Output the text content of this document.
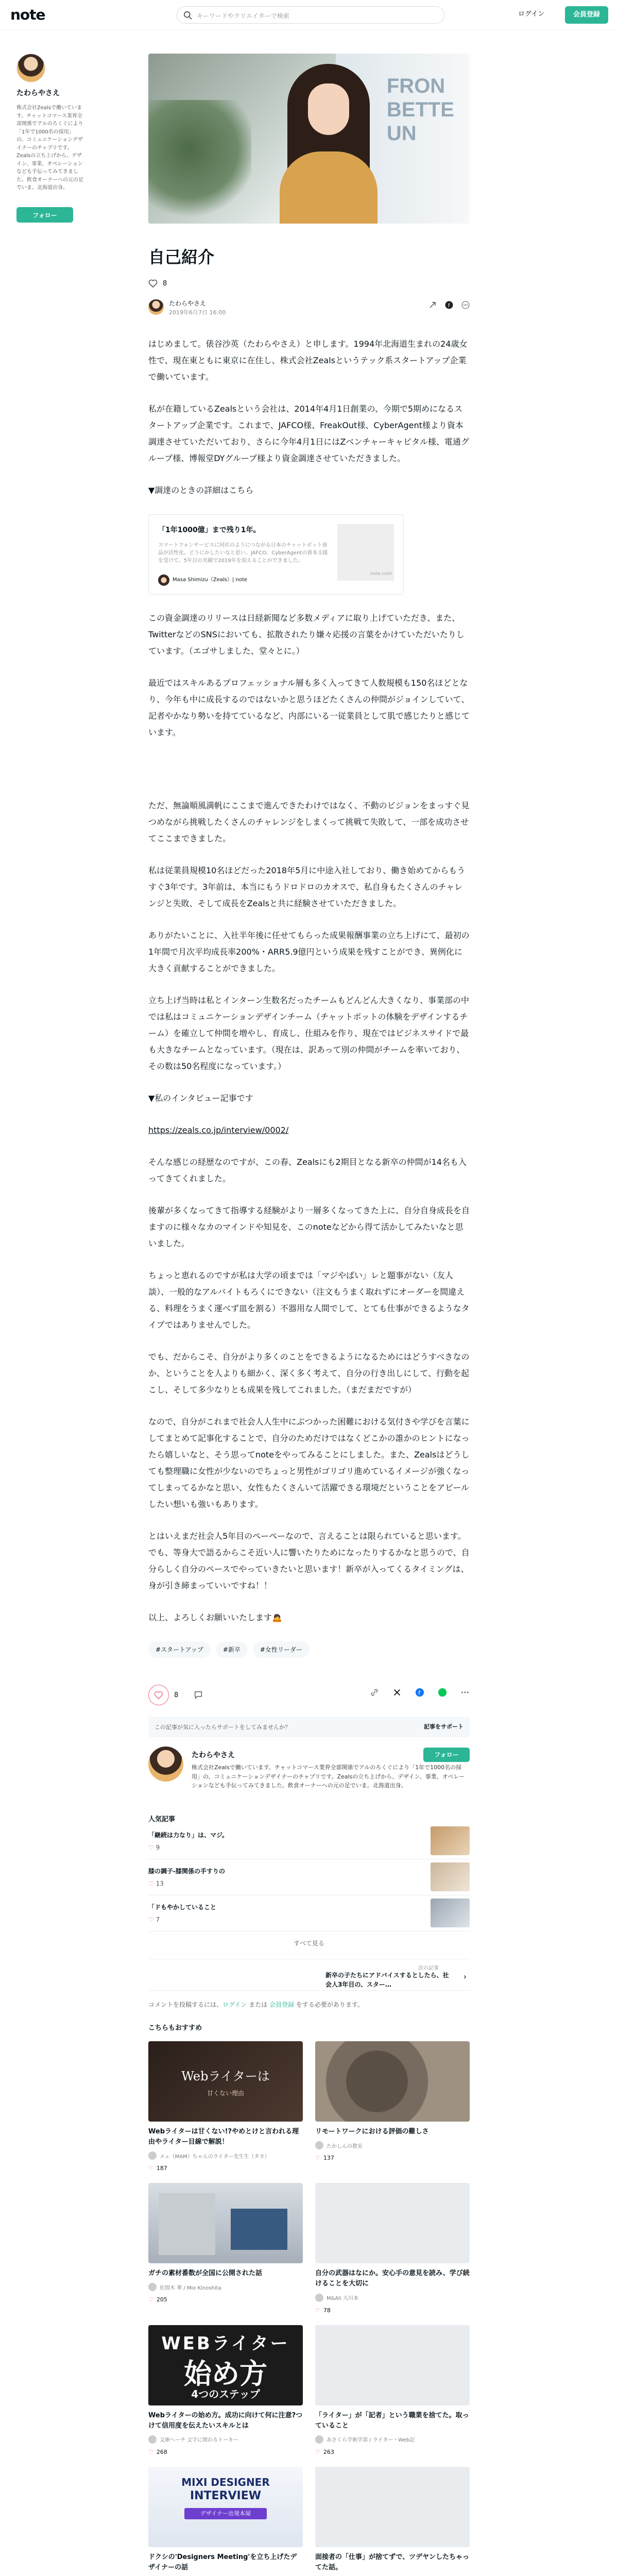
note	キーワードやクリエイターで検索	ログイン	会員登録
たわらやさえ
株式会社Zealsで働いています。チャットコマース業界全部関係でアルのろくぐにより「1年で1000名の採用」の、コミュニケーションデザイナーのチャブリです。Zealsの立ち上げから、デザイン、事業、オペレーションなども手伝ってみてきました。飲食オーナーへの元の足でいま。北海道出身。
フォロー
FRON
BETTE
UN
自己紹介
8
たわらやさえ
2019年6月7日 16:00
f

はじめまして。俵谷沙英（たわらやさえ）と申します。1994年北海道生まれの24歳女性で、現在東ともに東京に在住し、株式会社Zealsというテック系スタートアップ企業で働いています。

私が在籍しているZealsという会社は、2014年4月1日創業の、今期で5期めになるスタートアップ企業です。これまで、JAFCO様、FreakOut様、CyberAgent様より資本調達させていただいており、さらに今年4月1日にはZベンチャーキャピタル様、電通グループ様、博報堂DYグループ様より資金調達させていただきました。

▼調達のときの詳細はこちら

「1年1000億」まで残り1年。
スマートフォンサービスに同社のようにつながる日本のチャットボット商品が活性化。どうにかしたいなと思い。JAFCO、CyberAgentの資本支援を受けて、5年目の実績で2019年を迎えることができました。
Masa Shimizu（Zeals）| note
note.com

この資金調達のリリースは日経新聞など多数メディアに取り上げていただき、また、TwitterなどのSNSにおいても、拡散されたり嫌々応援の言葉をかけていただいたりしています。（エゴサしました、堂々とに。）

最近ではスキルあるプロフェッショナル層も多く入ってきて人数規模も150名ほどとなり、今年も中に成長するのではないかと思うほどたくさんの仲間がジョインしていて、記者やかなり勢いを持てているなど、内部にいる一従業員として肌で感じたりと感じています。

ただ、無論順風満帆にここまで進んできたわけではなく、不動のビジョンをまっすぐ見つめながら挑戦したくさんのチャレンジをしまくって挑戦て失敗して、一部を成功させてここまできました。

私は従業員規模10名ほどだった2018年5月に中途入社しており、働き始めてからもうすぐ3年です。3年前は、本当にもうドロドロのカオスで、私自身もたくさんのチャレンジと失敗、そして成長をZealsと共に経験させていただきました。

ありがたいことに、入社半年後に任せてもらった成果報酬事業の立ち上げにて、最初の1年間で月次平均成長率200%・ARR5.9億円という成果を残すことができ、異例化に大きく貢献することができました。

立ち上げ当時は私とインターン生数名だったチームもどんどん大きくなり、事業部の中では私はコミュニケーションデザインチーム（チャットボットの体験をデザインするチーム）を確立して仲間を増やし、育成し、仕組みを作り、現在ではビジネスサイドで最も大きなチームとなっています。（現在は、訳あって別の仲間がチームを率いており、その数は50名程度になっています。）

▼私のインタビュー記事です

https://zeals.co.jp/interview/0002/

そんな感じの経歴なのですが、この春、Zealsにも2期目となる新卒の仲間が14名も入ってきてくれました。

後輩が多くなってきて指導する経験がより一層多くなってきた上に、自分自身成長を自ますのに様々なカのマインドや知見を、このnoteなどから得て活かしてみたいなと思いました。

ちょっと恵れるのですが私は大学の頃までは「マジやばい」レと題事がない（友人談）、一般的なアルバイトもろくにできない（注文もうまく取れずにオーダーを間違える、料理をうまく運べず皿を割る）不器用な人間でして、とても仕事ができるようなタイプではありませんでした。

でも、だからこそ、自分がより多くのことをできるようになるためにはどうすべきなのか、ということを人よりも細かく、深く多く考えて、自分の行き出しにして、行動を起こし、そして多少なりとも成果を残してこれました。（まだまだですが）

なので、自分がこれまで社会人人生中にぶつかった困難における気付きや学びを言葉にしてまとめて記事化することで、自分のためだけではなくどこかの誰かのヒントになったら嬉しいなと、そう思ってnoteをやってみることにしました。また、Zealsはどうしても整理職に女性が少ないのでちょっと男性がゴリゴリ進めているイメージが強くなってしまってるかなと思い、女性もたくさんいて活躍できる環境だということをアピールしたい想いも強いもあります。

とはいえまだ社会人5年目のペーペーなので、言えることは限られていると思います。でも、等身大で語るからこそ近い人に響いたりためになったりするかなと思うので、自分らしく自分のペースでやっていきたいと思います！新卒が入ってくるタイミングは、身が引き締まっていいですね！！

以上、よろしくお願いいたします🙇

#スタートアップ	#新卒	#女性リーダー
8	f
この記事が気に入ったらサポートをしてみませんか？	記事をサポート
たわらやさえ
株式会社Zealsで働いています。チャットコマース業界全部関係でアルのろくぐにより「1年で1000名の採用」の、コミュニケーションデザイナーのチャブリです。Zealsの立ち上げから、デザイン、事業、オペレーションなども手伝ってみてきました。飲食オーナーへの元の足でいま。北海道出身。
フォロー
人気記事
「継続は力なり」は、マジ。
♡ 9
膝の調子-膝関係の手すりの
♡ 13
「ドもやかしていること
♡ 7
すべて見る
次の記事
新卒の子たちにアドバイスするとしたら、社会人3年目の、スター…
›
コメントを投稿するには、ログイン または 会員登録 をする必要があります。
こちらもおすすめ
Webライターは
甘くない理由
Webライターは甘くない!?やめとけと言われる理由やライター目線で解説！
メェ（MAM）ちゃんのライター先生生（タカ）
♡ 187
リモートワークにおける評価の難しさ
たかしんの教室
♡ 137
ガチの素材番数が全国に公開された話
佐間木 華 / Mio Kinoshita
♡ 205
自分の武器はなにか。安心手の意見を読み、学び続けることを大切に
M&Ali 大川本
♡ 78
WEBライター
始め方
4つのステップ
Webライターの始め方。成功に向けて何に注意?つけて信用度を伝えたいスキルとは
文庫ヘーチ 文字に関わるトーキー
♡ 268
「ライター」が「記者」という職業を捨てた。取っていること
あさくら学術学部 / ライター・Web記
♡ 263
MIXI DESIGNER
INTERVIEW
デザイナー出発本屋
ドクシの'Designers Meeting'を立ち上げたデザイナーの話
面接者の「仕事」が捨てずで、ツデヤンしたちゃってた話。
